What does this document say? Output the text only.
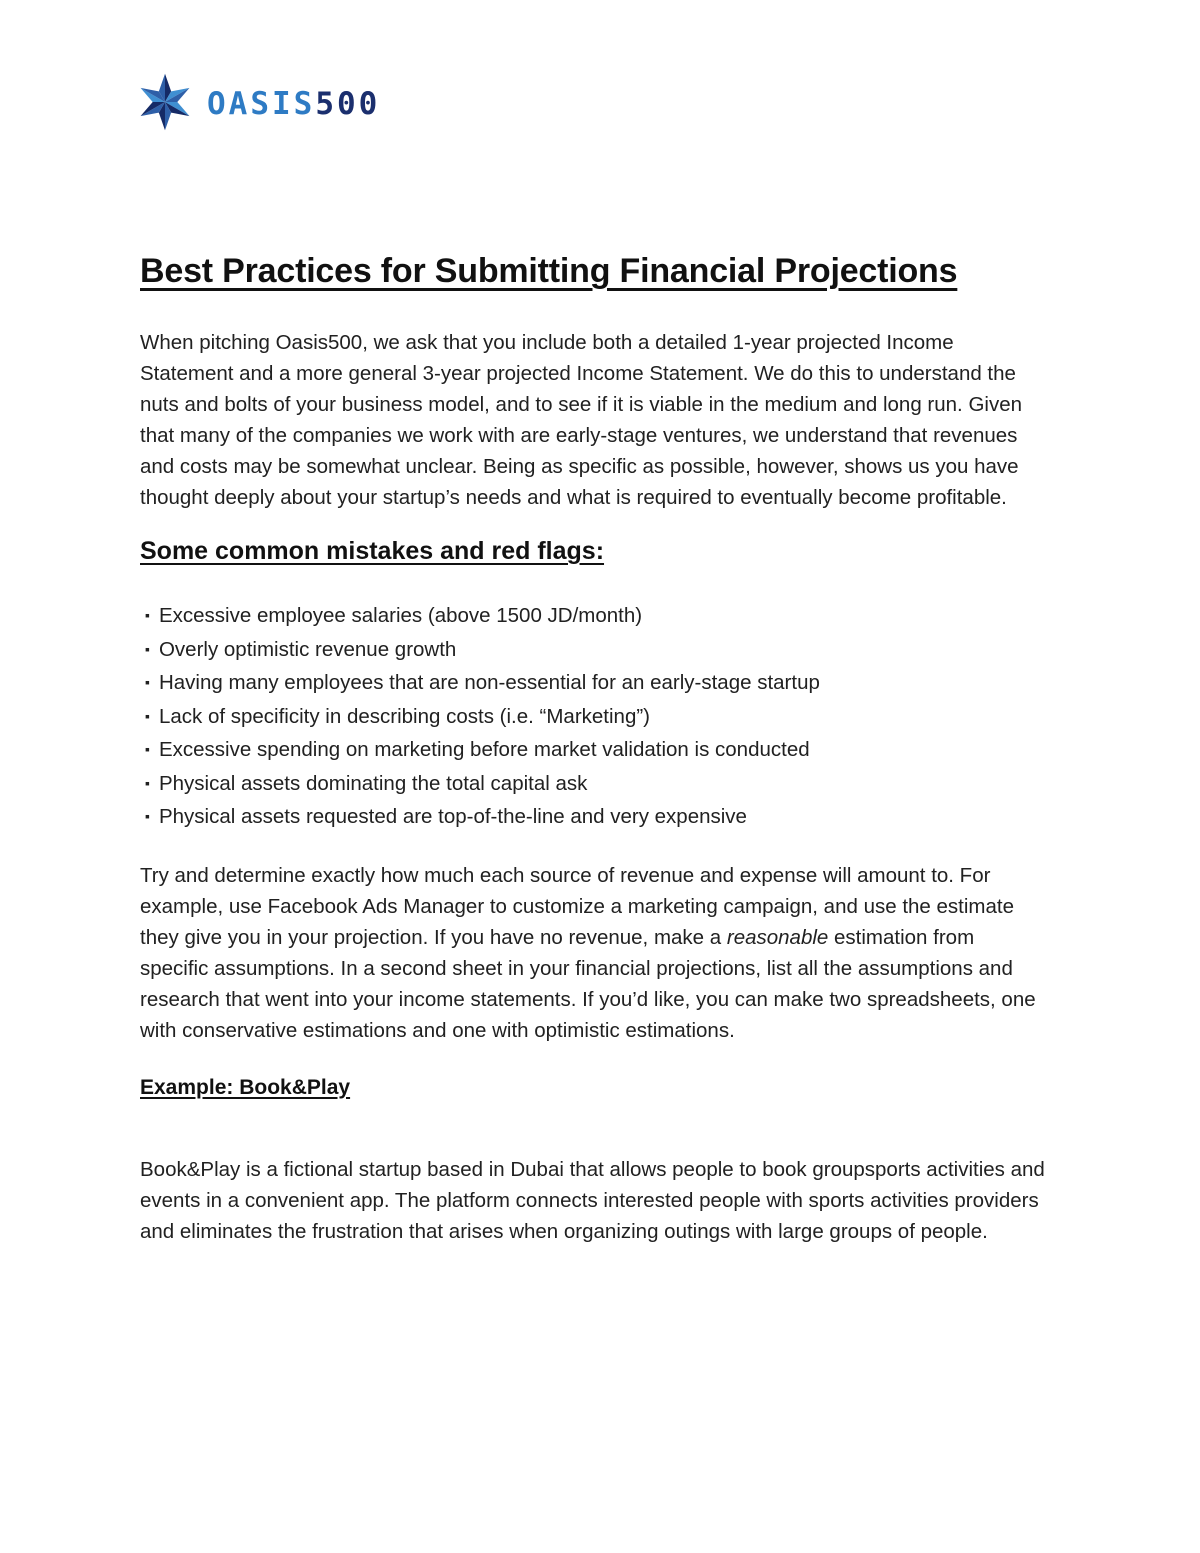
OASIS500
Best Practices for Submitting Financial Projections

When pitching Oasis500, we ask that you include both a detailed 1-year projected Income Statement and a more general 3-year projected Income Statement. We do this to understand the nuts and bolts of your business model, and to see if it is viable in the medium and long run. Given that many of the companies we work with are early-stage ventures, we understand that revenues and costs may be somewhat unclear. Being as specific as possible, however, shows us you have thought deeply about your startup’s needs and what is required to eventually become profitable.

Some common mistakes and red flags:
▪ Excessive employee salaries (above 1500 JD/month)
▪ Overly optimistic revenue growth
▪ Having many employees that are non-essential for an early-stage startup
▪ Lack of specificity in describing costs (i.e. “Marketing”)
▪ Excessive spending on marketing before market validation is conducted
▪ Physical assets dominating the total capital ask
▪ Physical assets requested are top-of-the-line and very expensive

Try and determine exactly how much each source of revenue and expense will amount to. For example, use Facebook Ads Manager to customize a marketing campaign, and use the estimate they give you in your projection. If you have no revenue, make a reasonable estimation from specific assumptions. In a second sheet in your financial projections, list all the assumptions and research that went into your income statements. If you’d like, you can make two spreadsheets, one with conservative estimations and one with optimistic estimations.

Example: Book&Play

Book&Play is a fictional startup based in Dubai that allows people to book groupsports activities and events in a convenient app. The platform connects interested people with sports activities providers and eliminates the frustration that arises when organizing outings with large groups of people.
